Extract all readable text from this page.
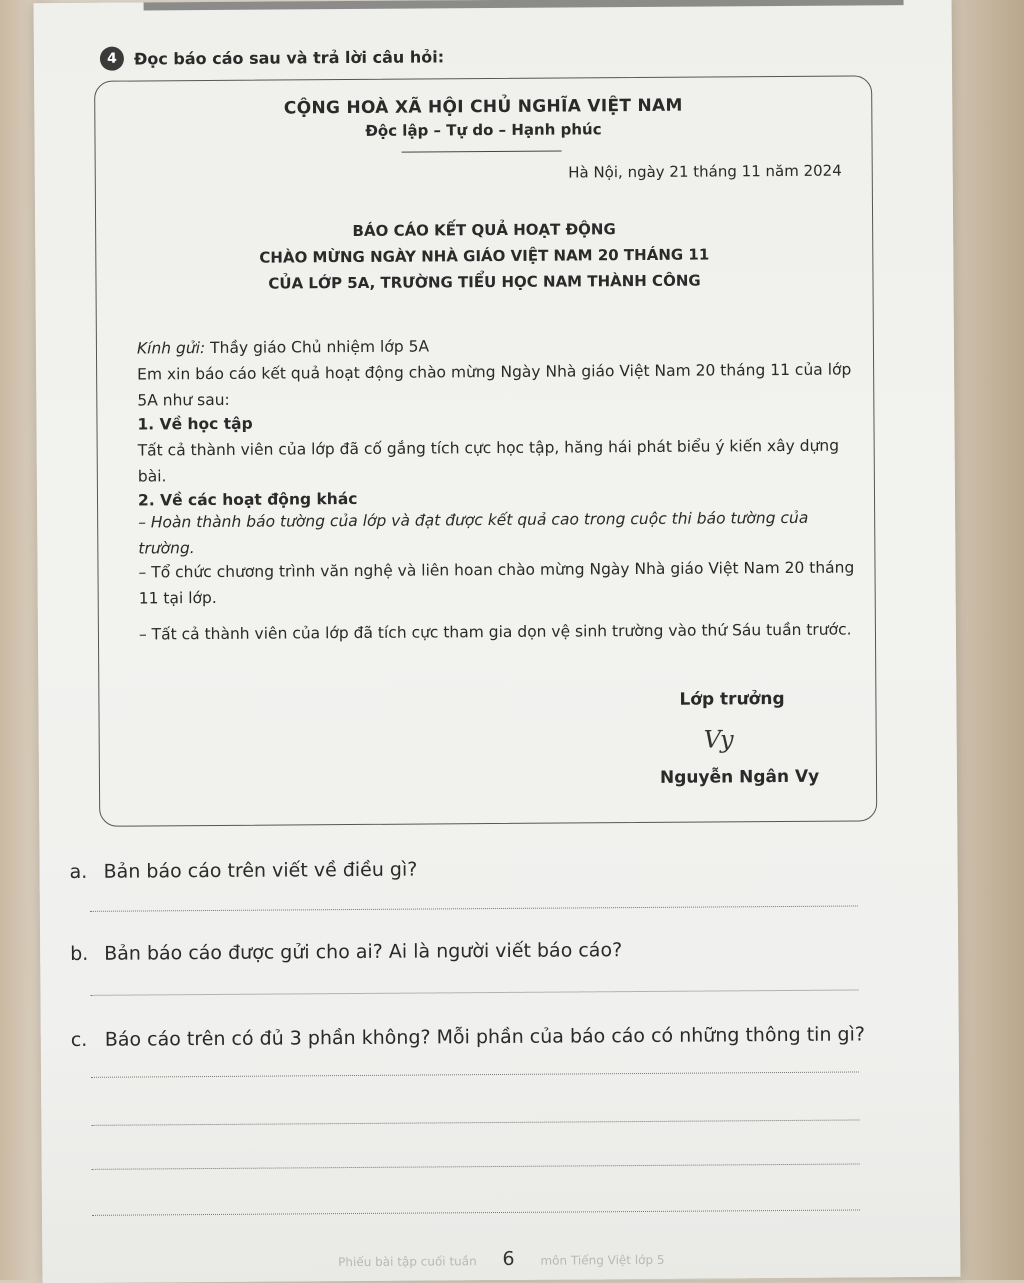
4	Đọc báo cáo sau và trả lời câu hỏi:
CỘNG HOÀ XÃ HỘI CHỦ NGHĨA VIỆT NAM
Độc lập – Tự do – Hạnh phúc
Hà Nội, ngày 21 tháng 11 năm 2024
BÁO CÁO KẾT QUẢ HOẠT ĐỘNG
CHÀO MỪNG NGÀY NHÀ GIÁO VIỆT NAM 20 THÁNG 11
CỦA LỚP 5A, TRƯỜNG TIỂU HỌC NAM THÀNH CÔNG
Kính gửi: Thầy giáo Chủ nhiệm lớp 5A
Em xin báo cáo kết quả hoạt động chào mừng Ngày Nhà giáo Việt Nam 20 tháng 11 của lớp 5A như sau:
1. Về học tập
Tất cả thành viên của lớp đã cố gắng tích cực học tập, hăng hái phát biểu ý kiến xây dựng bài.
2. Về các hoạt động khác
– Hoàn thành báo tường của lớp và đạt được kết quả cao trong cuộc thi báo tường của trường.
– Tổ chức chương trình văn nghệ và liên hoan chào mừng Ngày Nhà giáo Việt Nam 20 tháng 11 tại lớp.
– Tất cả thành viên của lớp đã tích cực tham gia dọn vệ sinh trường vào thứ Sáu tuần trước.
Lớp trưởng
Vy
Nguyễn Ngân Vy
a. Bản báo cáo trên viết về điều gì?
b. Bản báo cáo được gửi cho ai? Ai là người viết báo cáo?
c. Báo cáo trên có đủ 3 phần không? Mỗi phần của báo cáo có những thông tin gì?
Phiếu bài tập cuối tuần 6 môn Tiếng Việt lớp 5
